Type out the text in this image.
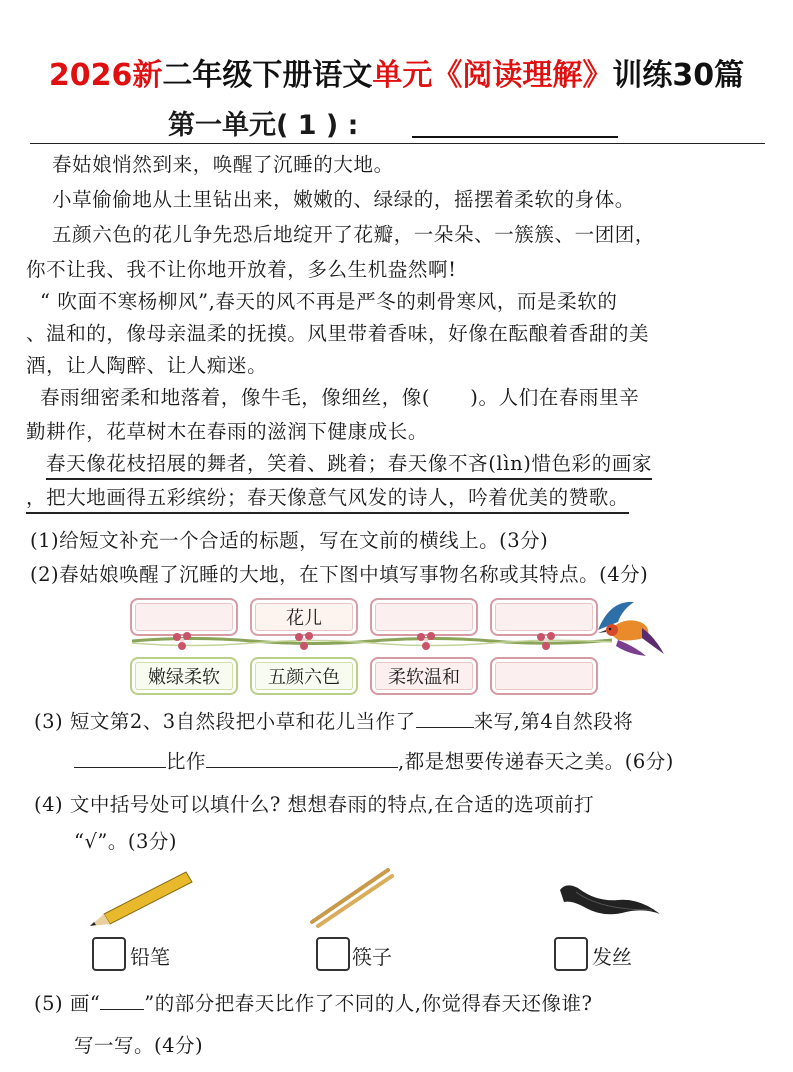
2026新二年级下册语文单元《阅读理解》训练30篇
第一单元( 1 ) :
春姑娘悄然到来，唤醒了沉睡的大地。
小草偷偷地从土里钻出来，嫩嫩的、绿绿的，摇摆着柔软的身体。
五颜六色的花儿争先恐后地绽开了花瓣，一朵朵、一簇簇、一团团，
你不让我、我不让你地开放着，多么生机盎然啊!
“ 吹面不寒杨柳风”,春天的风不再是严冬的刺骨寒风，而是柔软的
、温和的，像母亲温柔的抚摸。风里带着香味，好像在酝酿着香甜的美
酒，让人陶醉、让人痴迷。
春雨细密柔和地落着，像牛毛，像细丝，像(　　)。人们在春雨里辛
勤耕作，花草树木在春雨的滋润下健康成长。
春天像花枝招展的舞者，笑着、跳着；春天像不吝(lìn)惜色彩的画家
，把大地画得五彩缤纷；春天像意气风发的诗人，吟着优美的赞歌。
(1)给短文补充一个合适的标题，写在文前的横线上。(3分)
(2)春姑娘唤醒了沉睡的大地，在下图中填写事物名称或其特点。(4分)
花儿
嫩绿柔软	五颜六色	柔软温和
(3) 短文第2、3自然段把小草和花儿当作了	来写,第4自然段将
比作	,都是想要传递春天之美。(6分)
(4) 文中括号处可以填什么? 想想春雨的特点,在合适的选项前打
“√”。(3分)
铅笔	筷子	发丝
(5) 画“ ”的部分把春天比作了不同的人,你觉得春天还像谁?
写一写。(4分)
